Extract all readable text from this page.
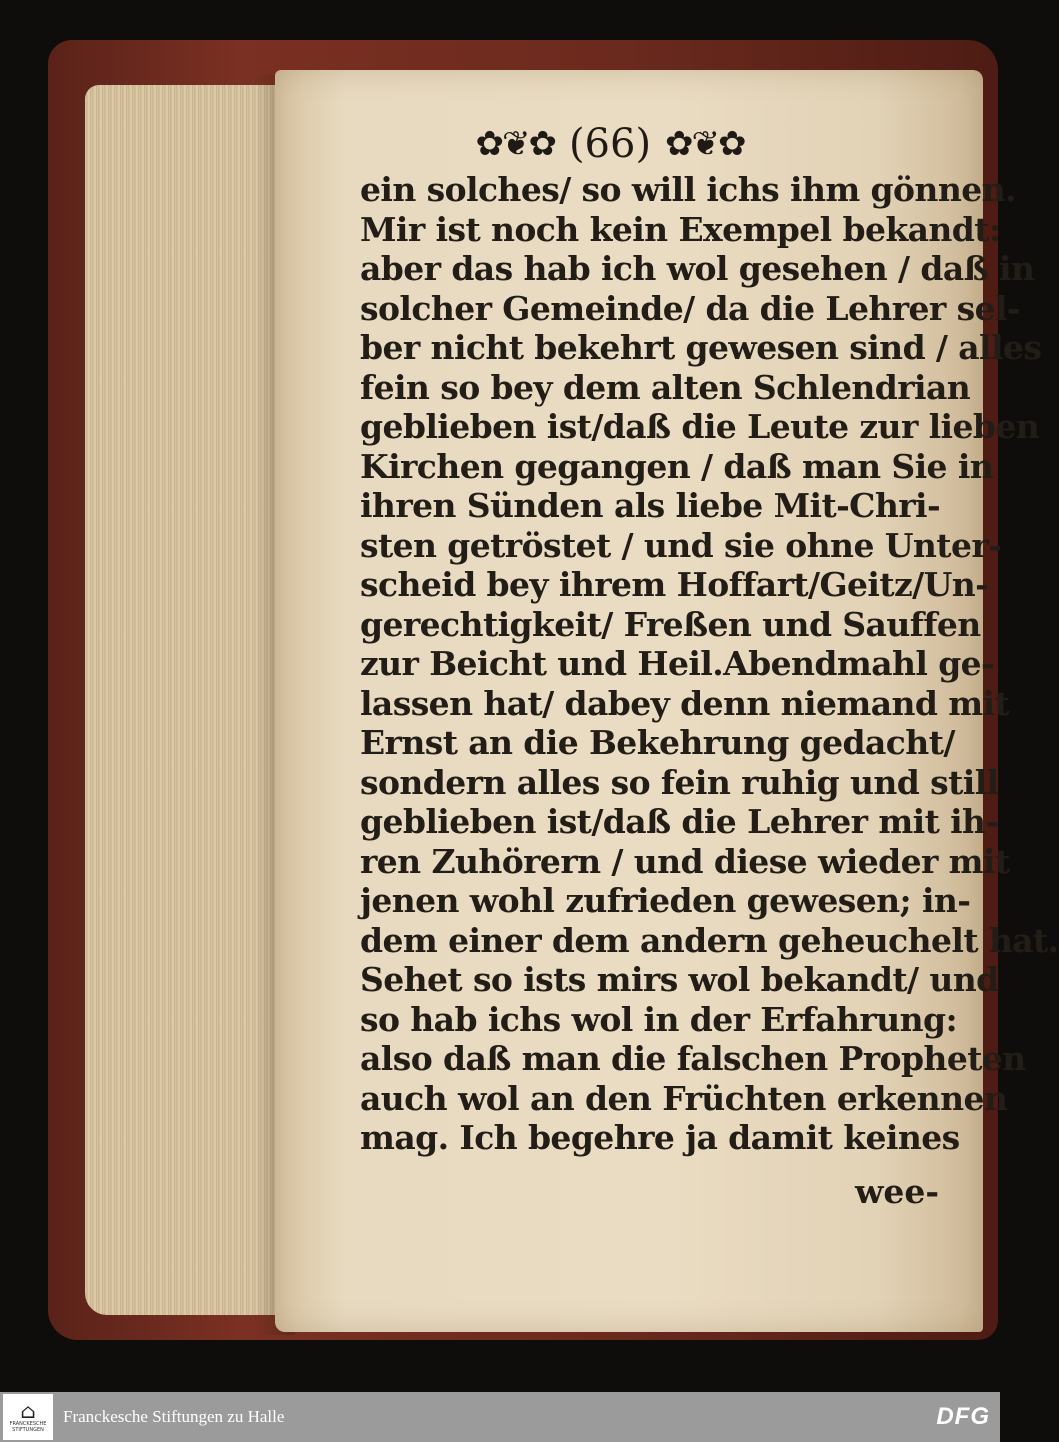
✿❦✿ (66) ✿❦✿
ein solches/ so will ichs ihm gönnen.
Mir ist noch kein Exempel bekandt:
aber das hab ich wol gesehen / daß in
solcher Gemeinde/ da die Lehrer sel-
ber nicht bekehrt gewesen sind / alles
fein so bey dem alten Schlendrian
geblieben ist/daß die Leute zur lieben
Kirchen gegangen / daß man Sie in
ihren Sünden als liebe Mit-Chri-
sten getröstet / und sie ohne Unter-
scheid bey ihrem Hoffart/Geitz/Un-
gerechtigkeit/ Freßen und Sauffen
zur Beicht und Heil.Abendmahl ge-
lassen hat/ dabey denn niemand mit
Ernst an die Bekehrung gedacht/
sondern alles so fein ruhig und still
geblieben ist/daß die Lehrer mit ih-
ren Zuhörern / und diese wieder mit
jenen wohl zufrieden gewesen; in-
dem einer dem andern geheuchelt hat.
Sehet so ists mirs wol bekandt/ und
so hab ichs wol in der Erfahrung:
also daß man die falschen Propheten
auch wol an den Früchten erkennen
mag. Ich begehre ja damit keines
wee-
⌂
FRANCKESCHE STIFTUNGEN
Franckesche Stiftungen zu Halle	DFG
